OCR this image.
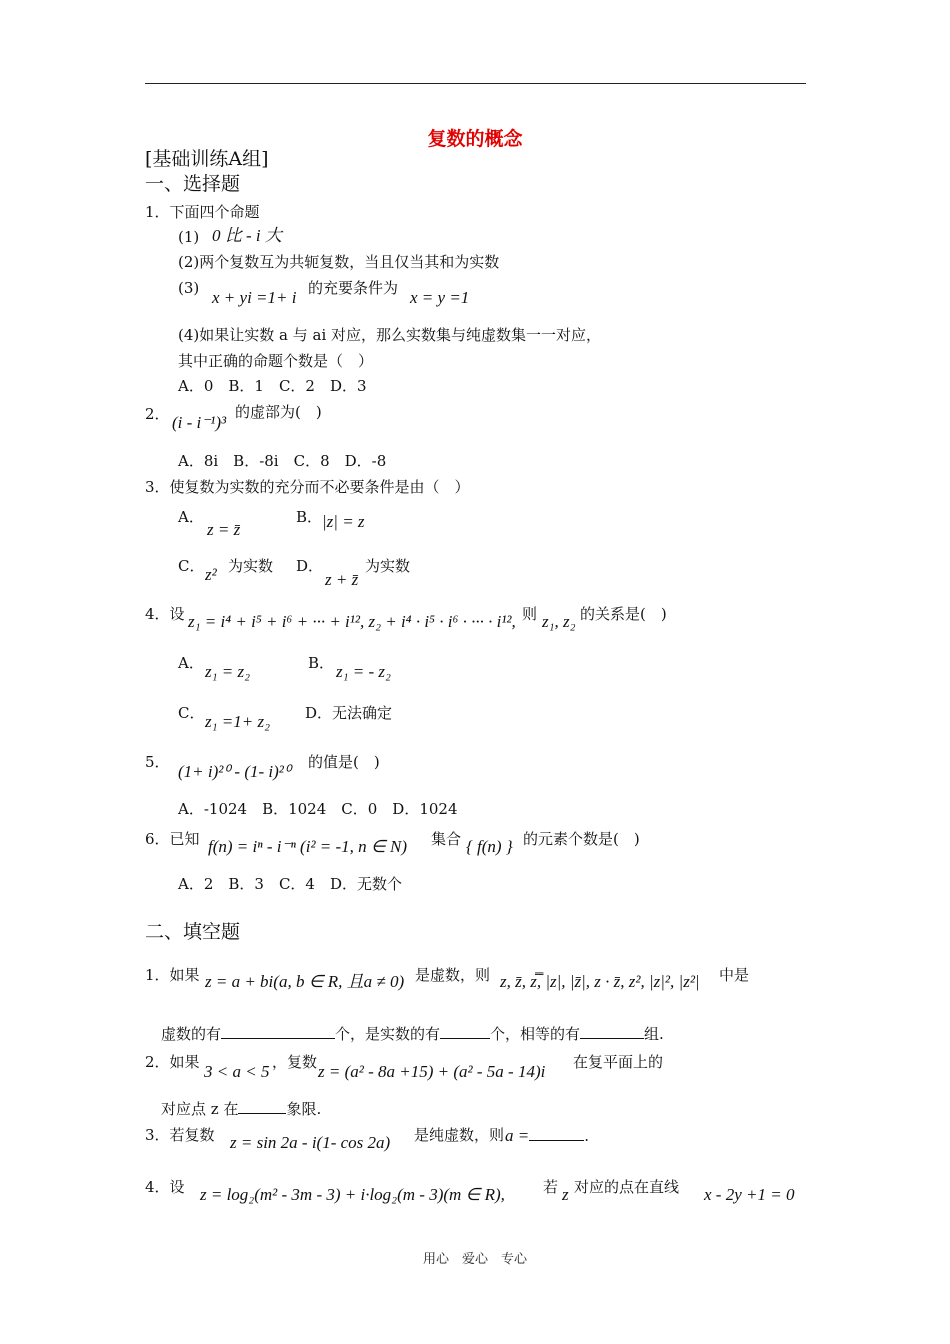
复数的概念
[基础训练A组]
一、选择题
1．下面四个命题
(1) 0 比 - i 大
(2)两个复数互为共轭复数，当且仅当其和为实数
(3) x + yi =1+ i 的充要条件为 x = y =1
(4)如果让实数 a 与 ai 对应，那么实数集与纯虚数集一一对应，
其中正确的命题个数是（　）
A．0　B．1　C．2　D．3
2． (i - i⁻¹)³
的虚部为(　)
A．8i　B．-8i　C．8　D．-8
3．使复数为实数的充分而不必要条件是由（　）
A．
z = z̄
B． |z| = z
C． z² 为实数 D．
z + z̄
为实数
4．设 z₁ = i⁴ + i⁵ + i⁶ + ··· + i¹², z₂ + i⁴ · i⁵ · i⁶ · ··· · i¹², 则 z₁, z₂ 的关系是(　)
A． z₁ = z₂	B． z₁ = - z₂
C． z₁ =1+ z₂ D．无法确定
5． (1+ i)²⁰ - (1- i)²⁰ 的值是(　)
A．-1024　B．1024　C．0　D．1024
6．已知 f(n) = iⁿ - i⁻ⁿ (i² = -1, n ∈ N) 集合 { f(n) } 的元素个数是(　)
A．2　B．3　C．4　D．无数个
二、填空题
1．如果 z = a + bi(a, b ∈ R, 且a ≠ 0) 是虚数，则 z, z̄, z̿, |z|, |z̄|, z · z̄, z², |z|², |z²| 中是
虚数的有	个，是实数的有	个，相等的有	组.
2．如果 3 < a < 5 ，复数 z = (a² - 8a +15) + (a² - 5a - 14)i 在复平面上的
对应点 z 在	象限.
3．若复数 z = sin 2a - i(1- cos 2a) 是纯虚数，则 a =	.
4．设 z = log₂(m² - 3m - 3) + i·log₂(m - 3)(m ∈ R),	若 z 对应的点在直线 x - 2y +1 = 0
用心　爱心　专心
